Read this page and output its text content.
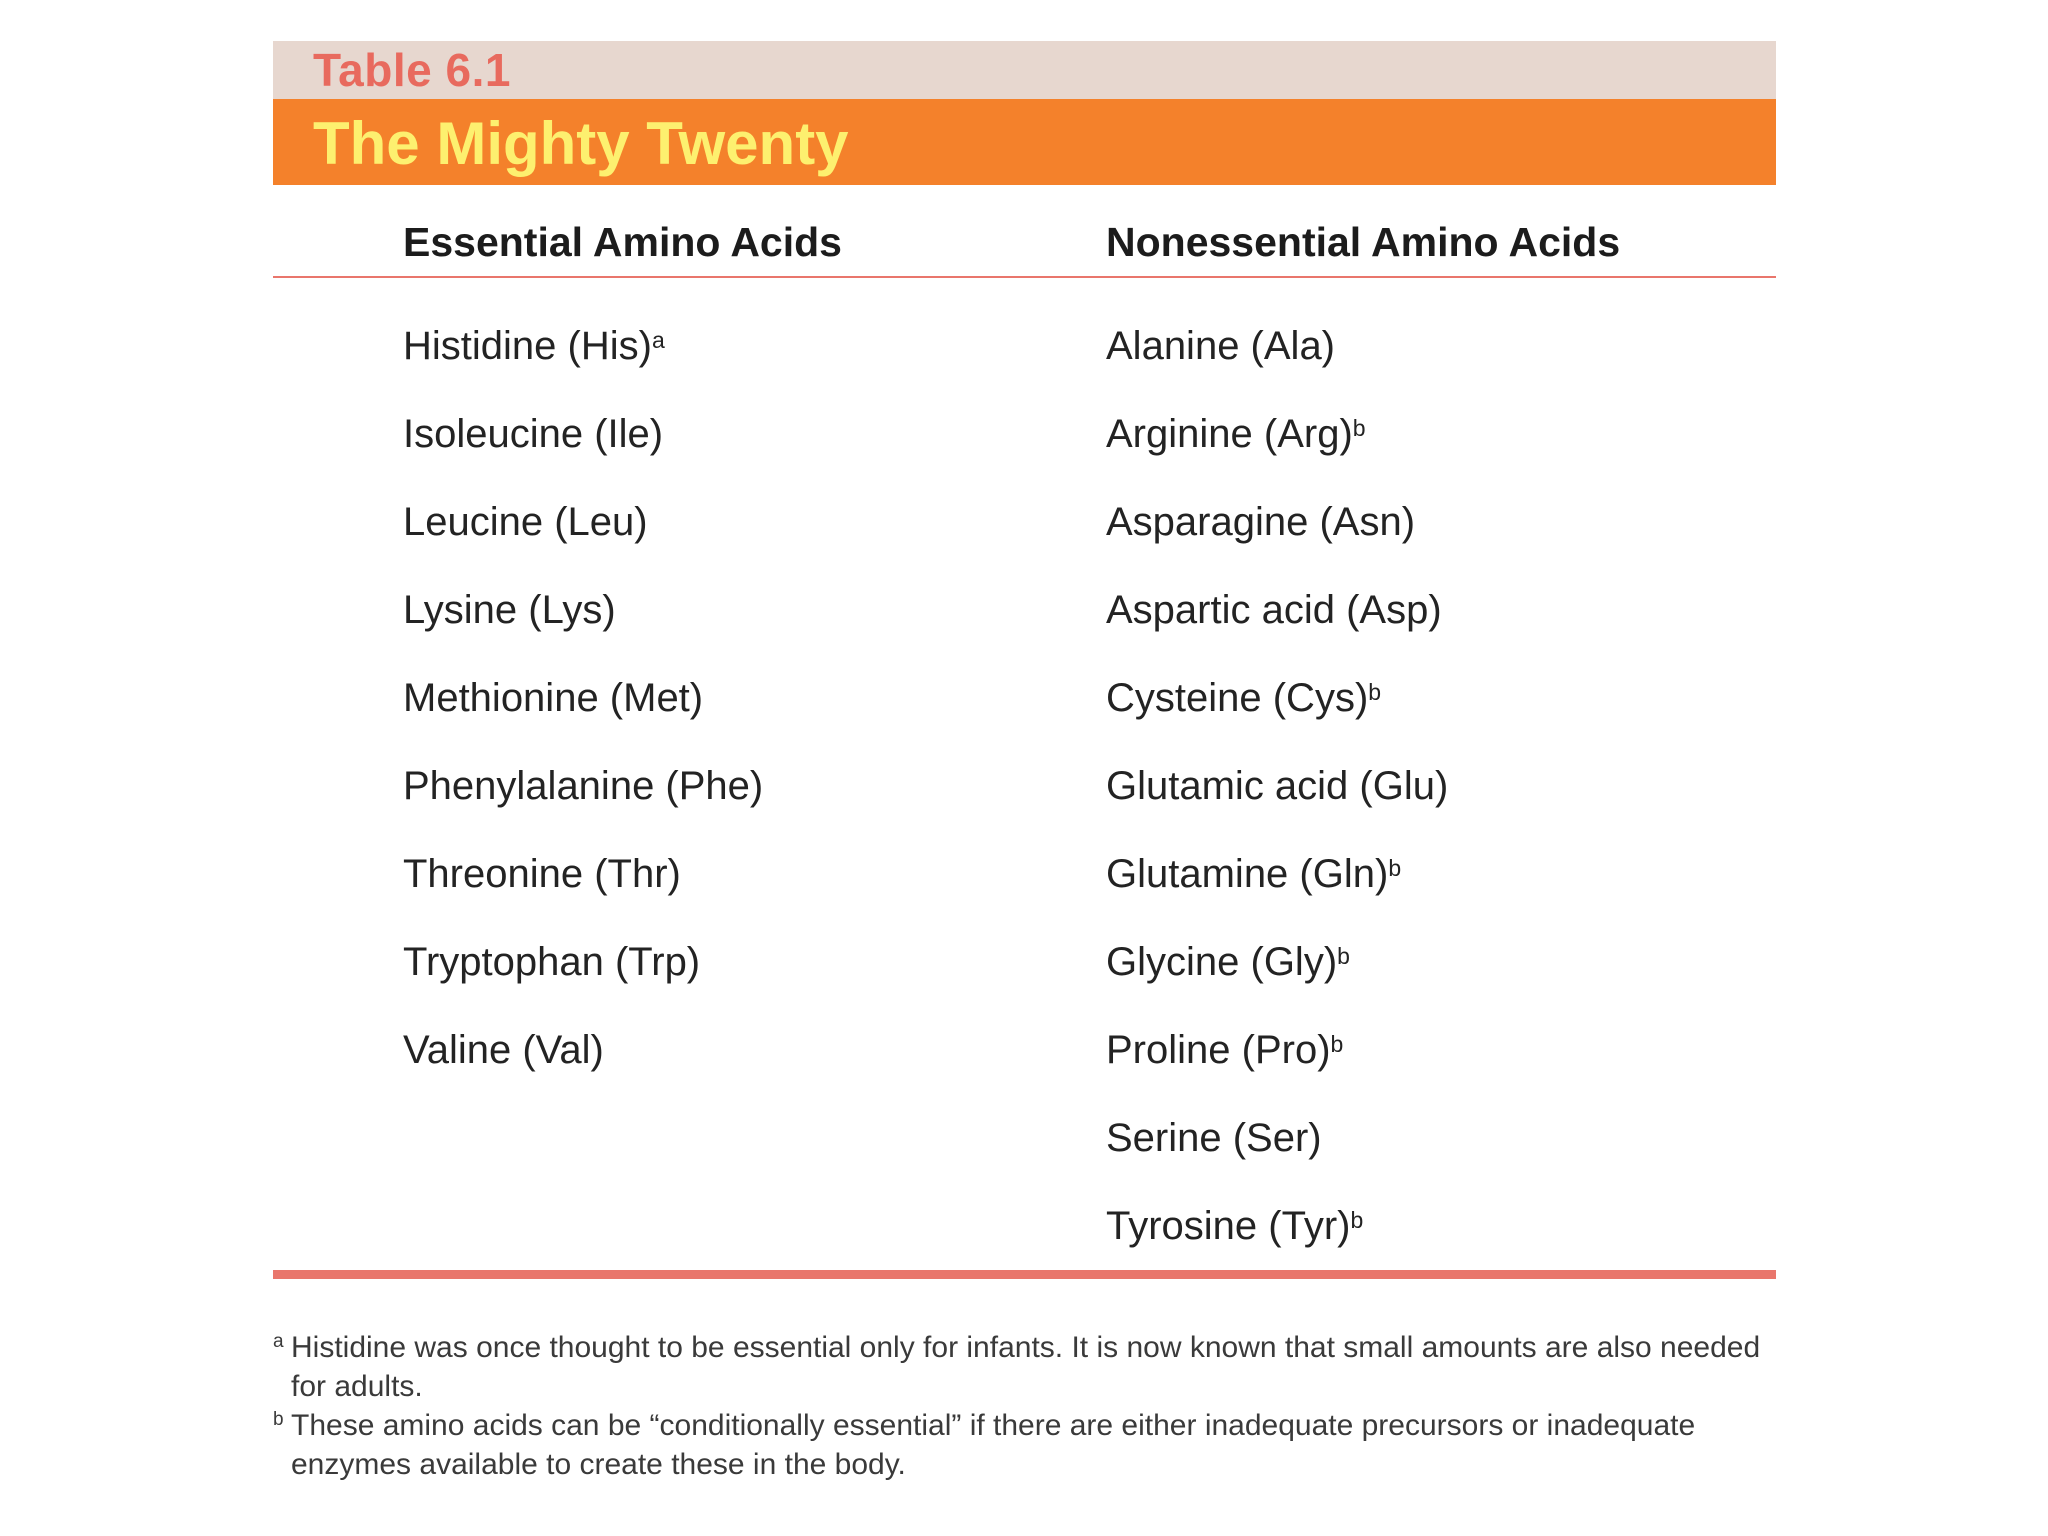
Table 6.1
The Mighty Twenty
Essential Amino Acids	Nonessential Amino Acids
Histidine (His)$^a$
Isoleucine (Ile)
Leucine (Leu)
Lysine (Lys)
Methionine (Met)
Phenylalanine (Phe)
Threonine (Thr)
Tryptophan (Trp)
Valine (Val)
Alanine (Ala)
Arginine (Arg)$^b$
Asparagine (Asn)
Aspartic acid (Asp)
Cysteine (Cys)$^b$
Glutamic acid (Glu)
Glutamine $(Gln)^b$
Glycine (Gly)$^b$
Proline (Pro)$^b$
Serine (Ser)
Tyrosine (Tyr)$^b$
a Histidine was once thought to be essential only for infants. It is now known that small amounts are also needed for adults.
b These amino acids can be “conditionally essential” if there are either inadequate precursors or inadequate enzymes available to create these in the body.
